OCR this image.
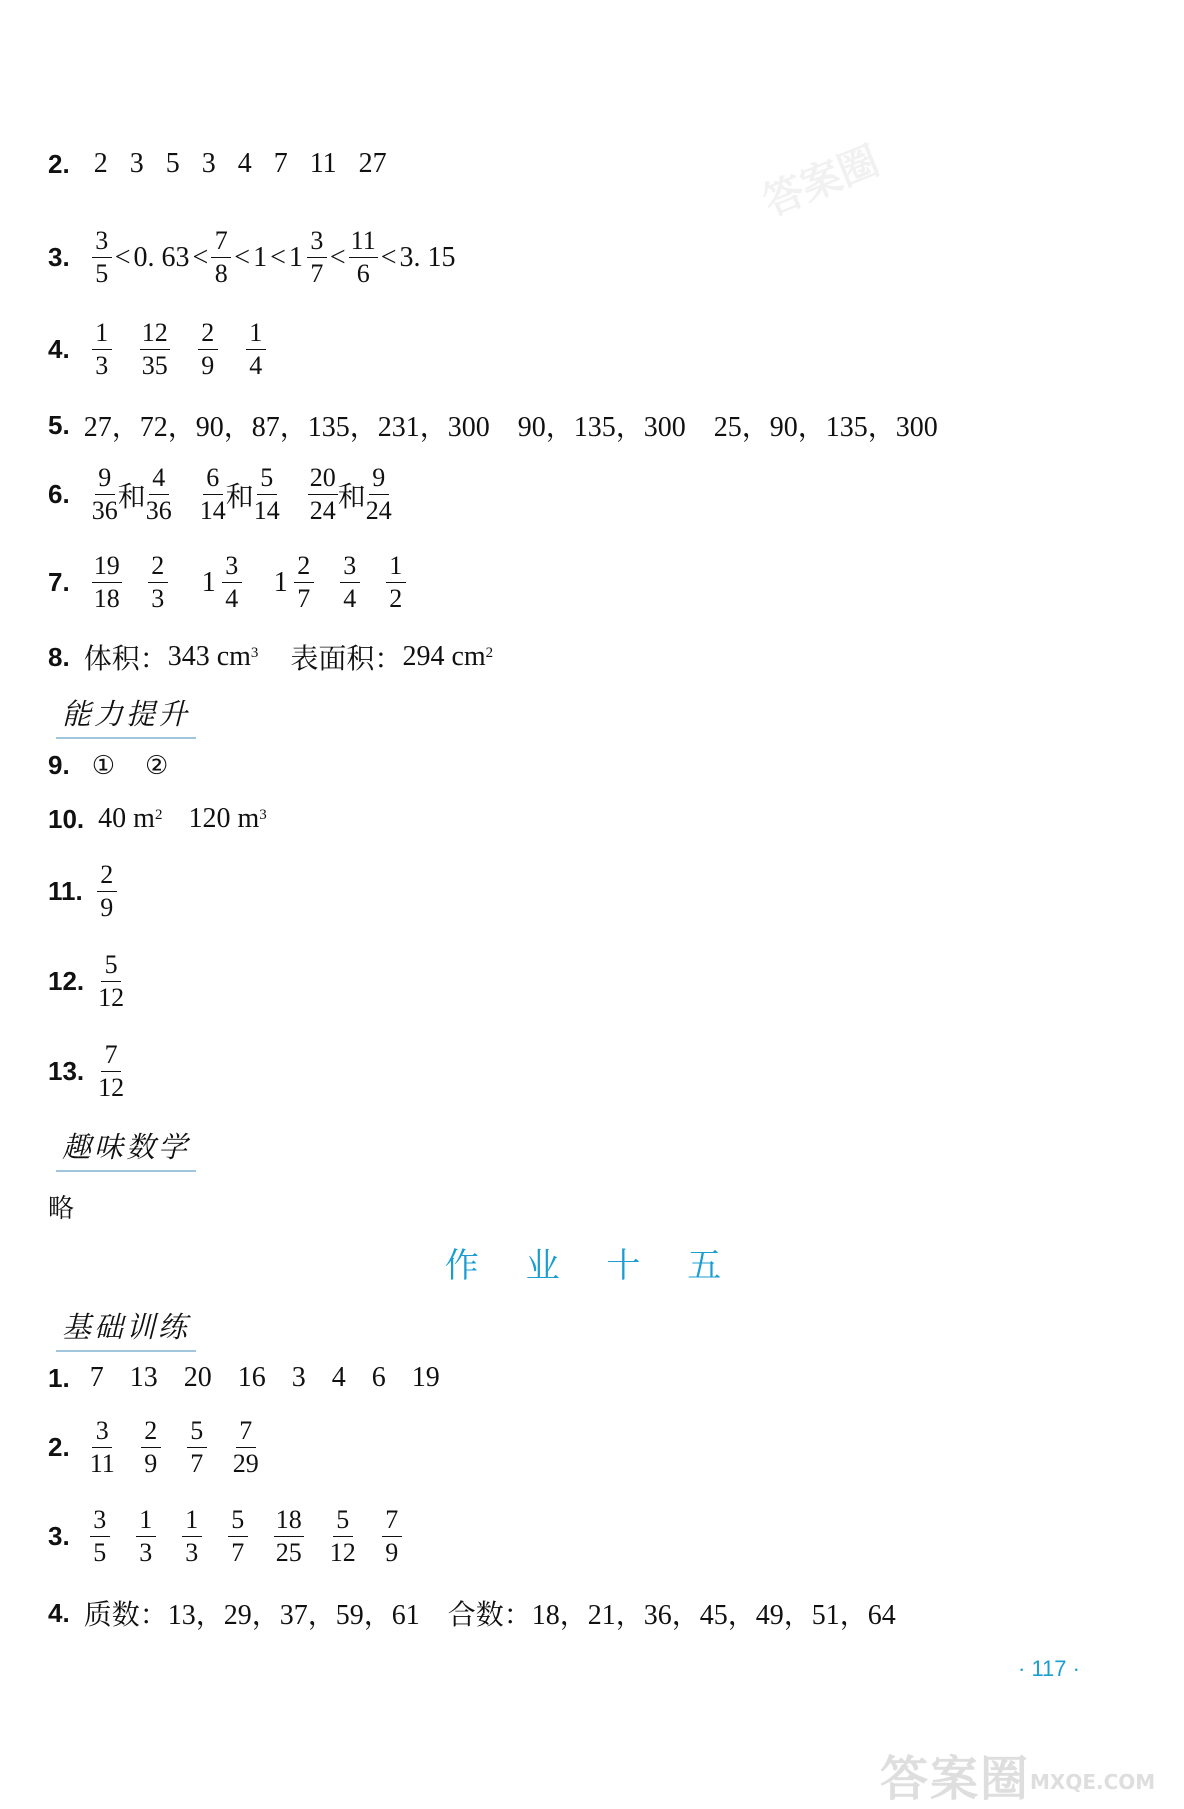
答案圈
2. 2 3 5 3 4 7 11 27
3. $\frac{3}{5} < 0$. $63 < \frac{7}{8} < 1 < 1 \frac{3}{7} < \frac{11}{6} < 3$. 15
4. $\frac{1}{3} \frac{12}{35} \frac{2}{9} \frac{1}{4}$
5. 27，72，90，87，135，231，300　90，135，300　25，90，135，300
6. $\frac{9}{36}$ 和 $\frac{4}{36} \frac{6}{14}$ 和 $\frac{5}{14} \frac{20}{24}$ 和 $\frac{9}{24}$
7. $\frac{19}{18} \frac{2}{3} 1 \frac{3}{4} 1 \frac{2}{7} \frac{3}{4} \frac{1}{2}$
8. 体积： 343 $cm^3$ 表面积： 294 $cm^2$
能力提升
9. ① ②
10. 40 $m^2$ 120 $m^3$
11. $\frac{2}{9}$
12. $\frac{5}{12}$
13. $\frac{7}{12}$
趣味数学
略
作 业 十 五
基础训练
1. 7 13 20 16 3 4 6 19
2. $\frac{3}{11} \frac{2}{9} \frac{5}{7} \frac{7}{29}$
3. $\frac{3}{5} \frac{1}{3} \frac{1}{3} \frac{5}{7} \frac{18}{25} \frac{5}{12} \frac{7}{9}$
4. 质数：13，29，37，59，61　合数：18，21，36，45，49，51，64
· 117 ·
答案圈 MXQE.COM
